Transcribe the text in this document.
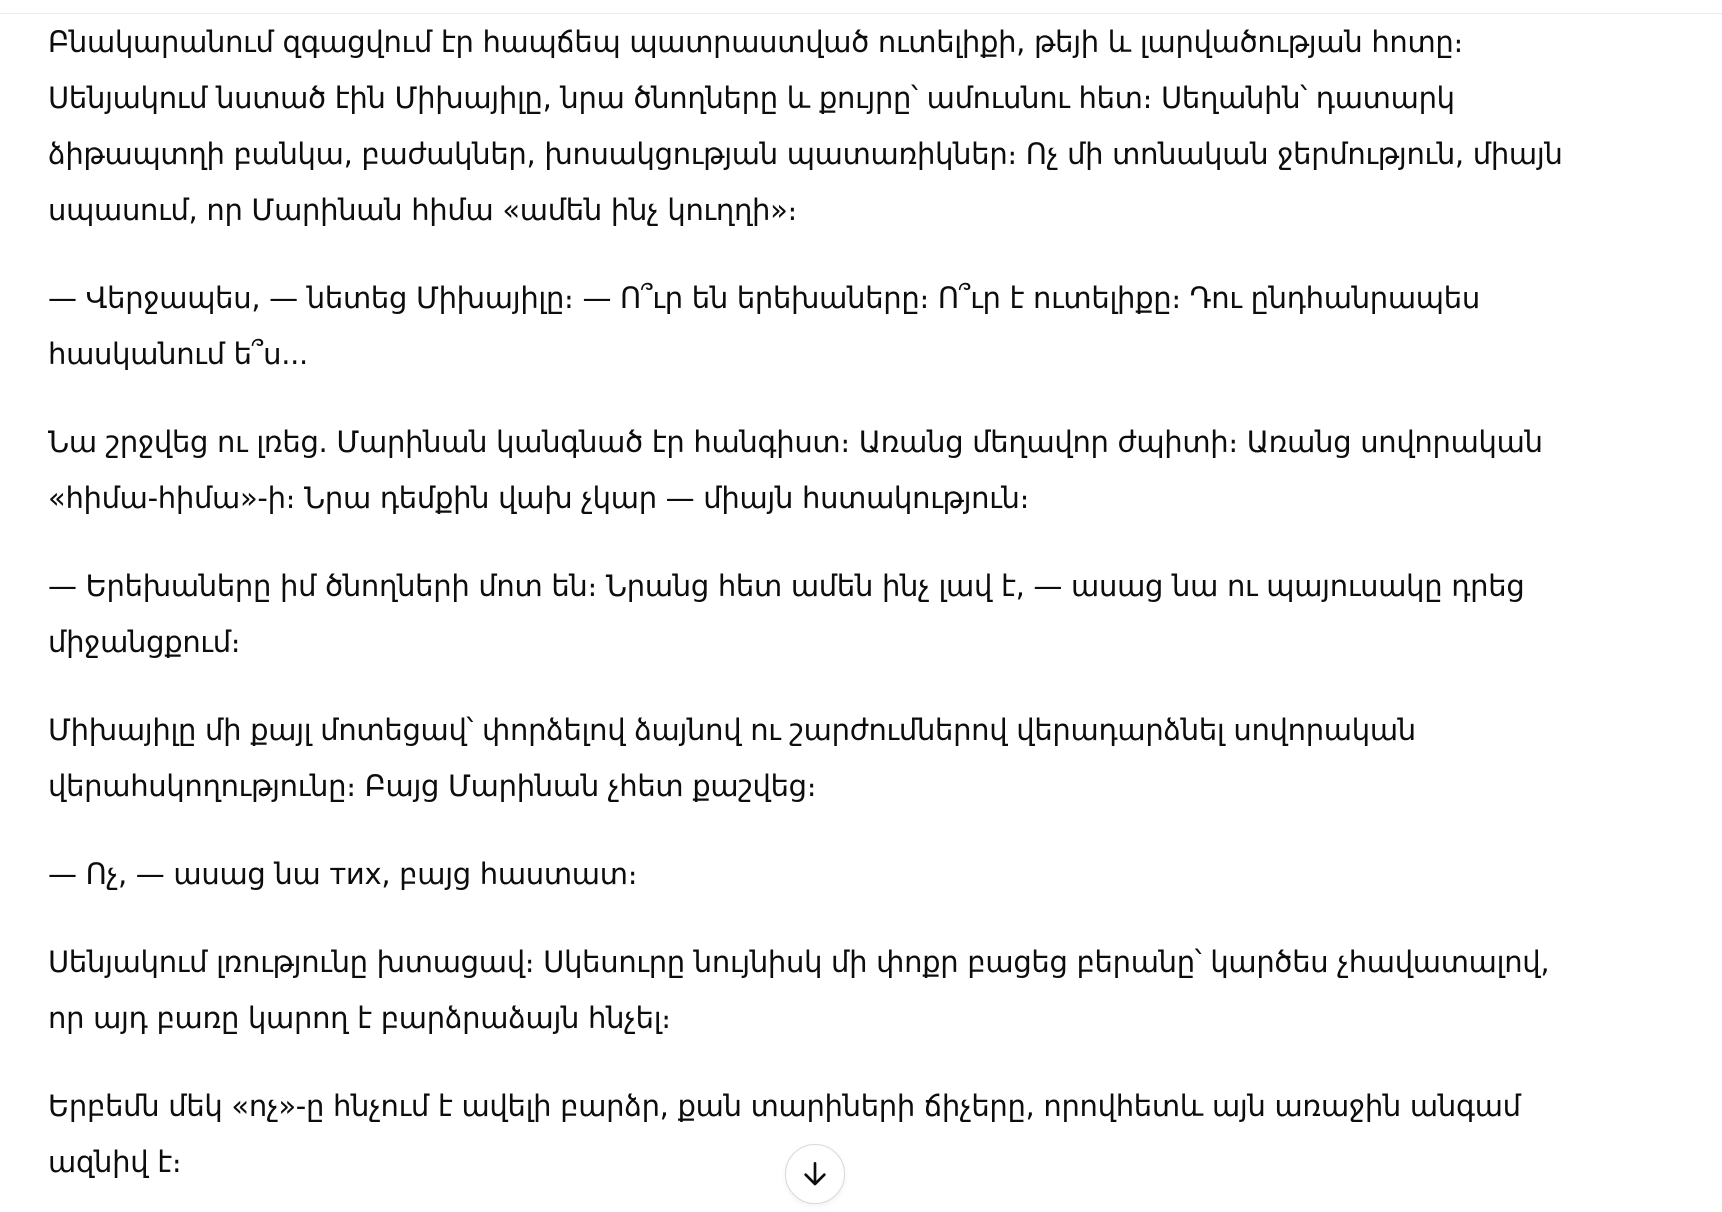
Բնակարանում զգացվում էր հապճեպ պատրաստված ուտելիքի, թեյի և լարվածության հոտը։ Սենյակում նստած էին Միխայիլը, նրա ծնողները և քույրը՝ ամուսնու հետ։ Սեղանին՝ դատարկ ձիթապտղի բանկա, բաժակներ, խոսակցության պատառիկներ։ Ոչ մի տոնական ջերմություն, միայն սպասում, որ Մարինան հիմա «ամեն ինչ կուղղի»։

— Վերջապես, — նետեց Միխայիլը։ — Ո՞ւր են երեխաները։ Ո՞ւր է ուտելիքը։ Դու ընդհանրապես հասկանում ե՞ս...

Նա շրջվեց ու լռեց. Մարինան կանգնած էր հանգիստ։ Առանց մեղավոր ժպիտի։ Առանց սովորական «հիմա-հիմա»-ի։ Նրա դեմքին վախ չկար — միայն հստակություն։

— Երեխաները իմ ծնողների մոտ են։ Նրանց հետ ամեն ինչ լավ է, — ասաց նա ու պայուսակը դրեց միջանցքում։

Միխայիլը մի քայլ մոտեցավ՝ փորձելով ձայնով ու շարժումներով վերադարձնել սովորական վերահսկողությունը։ Բայց Մարինան չհետ քաշվեց։

— Ոչ, — ասաց նա тих, բայց հաստատ։

Սենյակում լռությունը խտացավ։ Սկեսուրը նույնիսկ մի փոքր բացեց բերանը՝ կարծես չհավատալով, որ այդ բառը կարող է բարձրաձայն հնչել։

Երբեմն մեկ «ոչ»-ը հնչում է ավելի բարձր, քան տարիների ճիչերը, որովհետև այն առաջին անգամ ազնիվ է։
